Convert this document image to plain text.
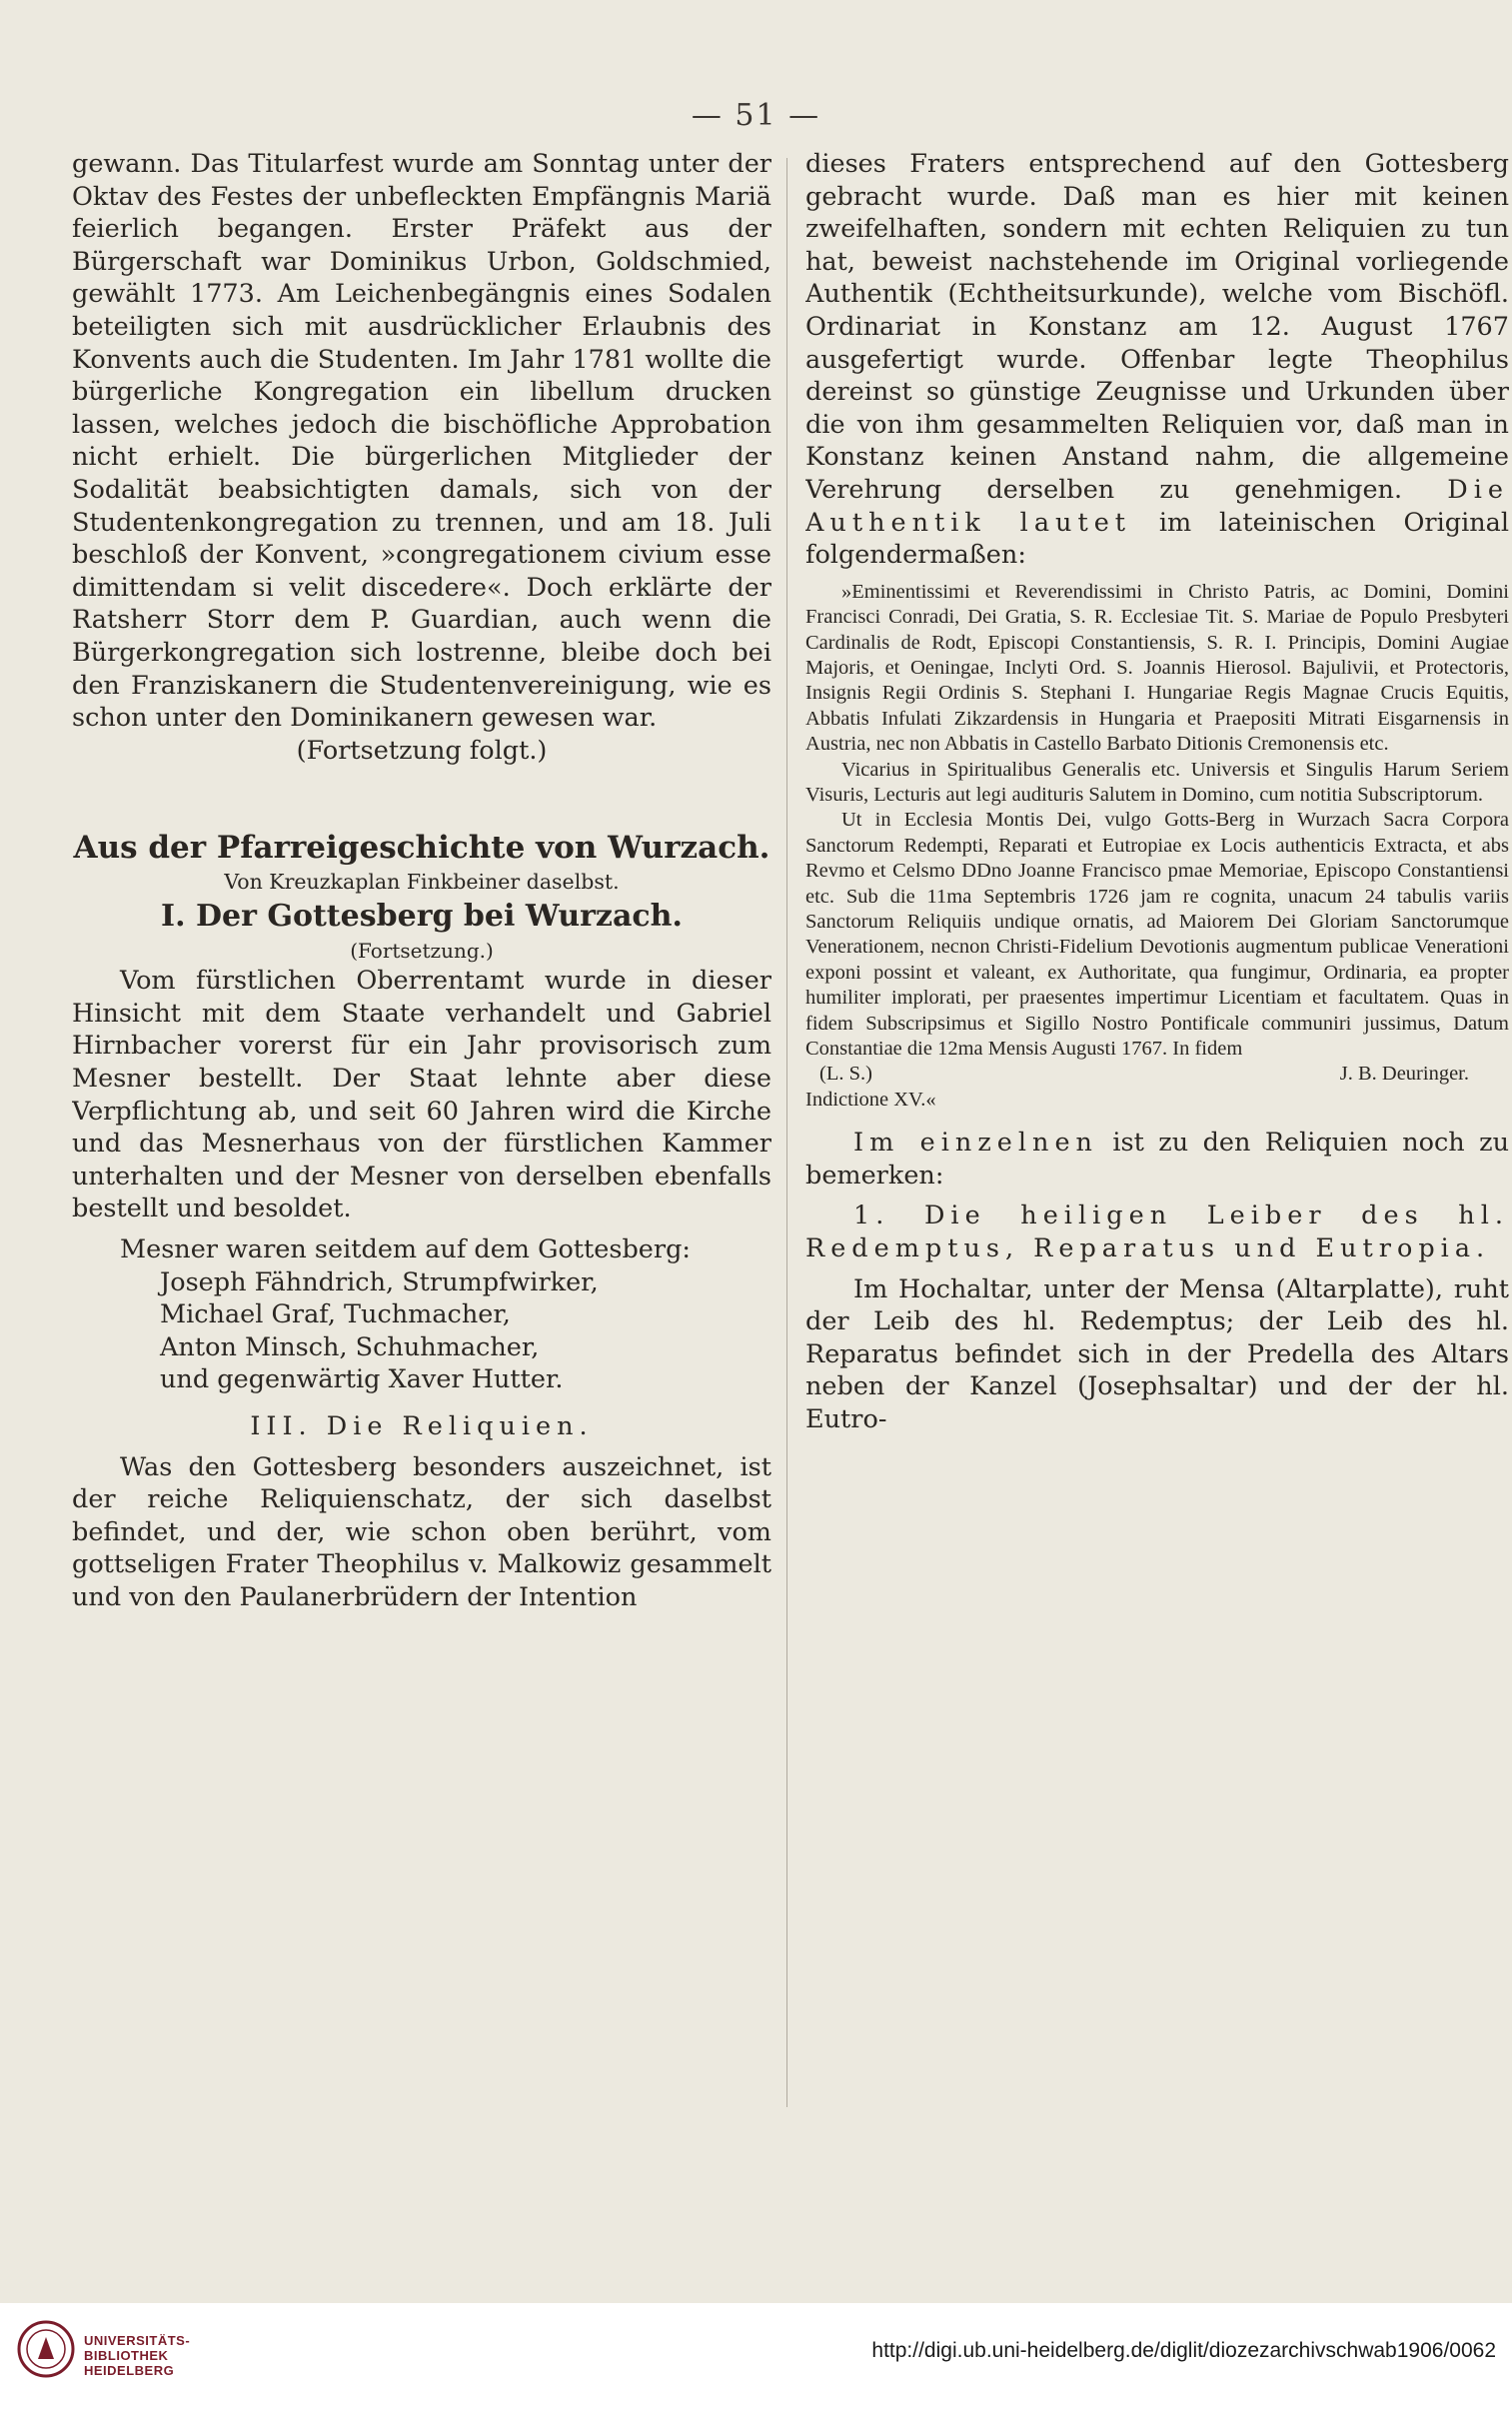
— 51 —

gewann. Das Titularfest wurde am Sonntag unter der Oktav des Festes der unbefleckten Empfängnis Mariä feierlich begangen. Erster Präfekt aus der Bürgerschaft war Dominikus Urbon, Goldschmied, gewählt 1773. Am Leichenbegängnis eines Sodalen beteiligten sich mit ausdrücklicher Erlaubnis des Konvents auch die Studenten. Im Jahr 1781 wollte die bürgerliche Kongregation ein libellum drucken lassen, welches jedoch die bischöfliche Approbation nicht erhielt. Die bürgerlichen Mitglieder der Sodalität beabsichtigten damals, sich von der Studentenkongregation zu trennen, und am 18. Juli beschloß der Konvent, »congregationem civium esse dimittendam si velit discedere«. Doch erklärte der Ratsherr Storr dem P. Guardian, auch wenn die Bürgerkongregation sich lostrenne, bleibe doch bei den Franziskanern die Studentenvereinigung, wie es schon unter den Dominikanern gewesen war.

(Fortsetzung folgt.)

Aus der Pfarreigeschichte von Wurzach.

Von Kreuzkaplan Finkbeiner daselbst.

I. Der Gottesberg bei Wurzach.

(Fortsetzung.)

Vom fürstlichen Oberrentamt wurde in dieser Hinsicht mit dem Staate verhandelt und Gabriel Hirnbacher vorerst für ein Jahr provisorisch zum Mesner bestellt. Der Staat lehnte aber diese Verpflichtung ab, und seit 60 Jahren wird die Kirche und das Mesnerhaus von der fürstlichen Kammer unterhalten und der Mesner von derselben ebenfalls bestellt und besoldet.

Mesner waren seitdem auf dem Gottesberg:

Joseph Fähndrich, Strumpfwirker,

Michael Graf, Tuchmacher,

Anton Minsch, Schuhmacher,

und gegenwärtig Xaver Hutter.

III. Die Reliquien.

Was den Gottesberg besonders auszeichnet, ist der reiche Reliquienschatz, der sich daselbst befindet, und der, wie schon oben berührt, vom gottseligen Frater Theophilus v. Malkowiz gesammelt und von den Paulanerbrüdern der Intention

dieses Fraters entsprechend auf den Gottesberg gebracht wurde. Daß man es hier mit keinen zweifelhaften, sondern mit echten Reliquien zu tun hat, beweist nachstehende im Original vorliegende Authentik (Echtheitsurkunde), welche vom Bischöfl. Ordinariat in Konstanz am 12. August 1767 ausgefertigt wurde. Offenbar legte Theophilus dereinst so günstige Zeugnisse und Urkunden über die von ihm gesammelten Reliquien vor, daß man in Konstanz keinen Anstand nahm, die allgemeine Verehrung derselben zu genehmigen. Die Authentik lautet im lateinischen Original folgendermaßen:

»Eminentissimi et Reverendissimi in Christo Patris, ac Domini, Domini Francisci Conradi, Dei Gratia, S. R. Ecclesiae Tit. S. Mariae de Populo Presbyteri Cardinalis de Rodt, Episcopi Constantiensis, S. R. I. Principis, Domini Augiae Majoris, et Oeningae, Inclyti Ord. S. Joannis Hierosol. Bajulivii, et Protectoris, Insignis Regii Ordinis S. Stephani I. Hungariae Regis Magnae Crucis Equitis, Abbatis Infulati Zikzardensis in Hungaria et Praepositi Mitrati Eisgarnensis in Austria, nec non Abbatis in Castello Barbato Ditionis Cremonensis etc.

Vicarius in Spiritualibus Generalis etc. Universis et Singulis Harum Seriem Visuris, Lecturis aut legi audituris Salutem in Domino, cum notitia Subscriptorum.

Ut in Ecclesia Montis Dei, vulgo Gotts-Berg in Wurzach Sacra Corpora Sanctorum Redempti, Reparati et Eutropiae ex Locis authenticis Extracta, et abs Revmo et Celsmo DDno Joanne Francisco pmae Memoriae, Episcopo Constantiensi etc. Sub die 11ma Septembris 1726 jam re cognita, unacum 24 tabulis variis Sanctorum Reliquiis undique ornatis, ad Maiorem Dei Gloriam Sanctorumque Venerationem, necnon Christi-Fidelium Devotionis augmentum publicae Venerationi exponi possint et valeant, ex Authoritate, qua fungimur, Ordinaria, ea propter humiliter implorati, per praesentes impertimur Licentiam et facultatem. Quas in fidem Subscripsimus et Sigillo Nostro Pontificale communiri jussimus, Datum Constantiae die 12ma Mensis Augusti 1767. In fidem

(L. S.)	J. B. Deuringer.

Indictione XV.«

Im einzelnen ist zu den Reliquien noch zu bemerken:

1. Die heiligen Leiber des hl. Redemptus, Reparatus und Eutropia.

Im Hochaltar, unter der Mensa (Altarplatte), ruht der Leib des hl. Redemptus; der Leib des hl. Reparatus befindet sich in der Predella des Altars neben der Kanzel (Josephsaltar) und der der hl. Eutro-

UNIVERSITÄTS-
BIBLIOTHEK
HEIDELBERG
http://digi.ub.uni-heidelberg.de/diglit/diozezarchivschwab1906/0062
